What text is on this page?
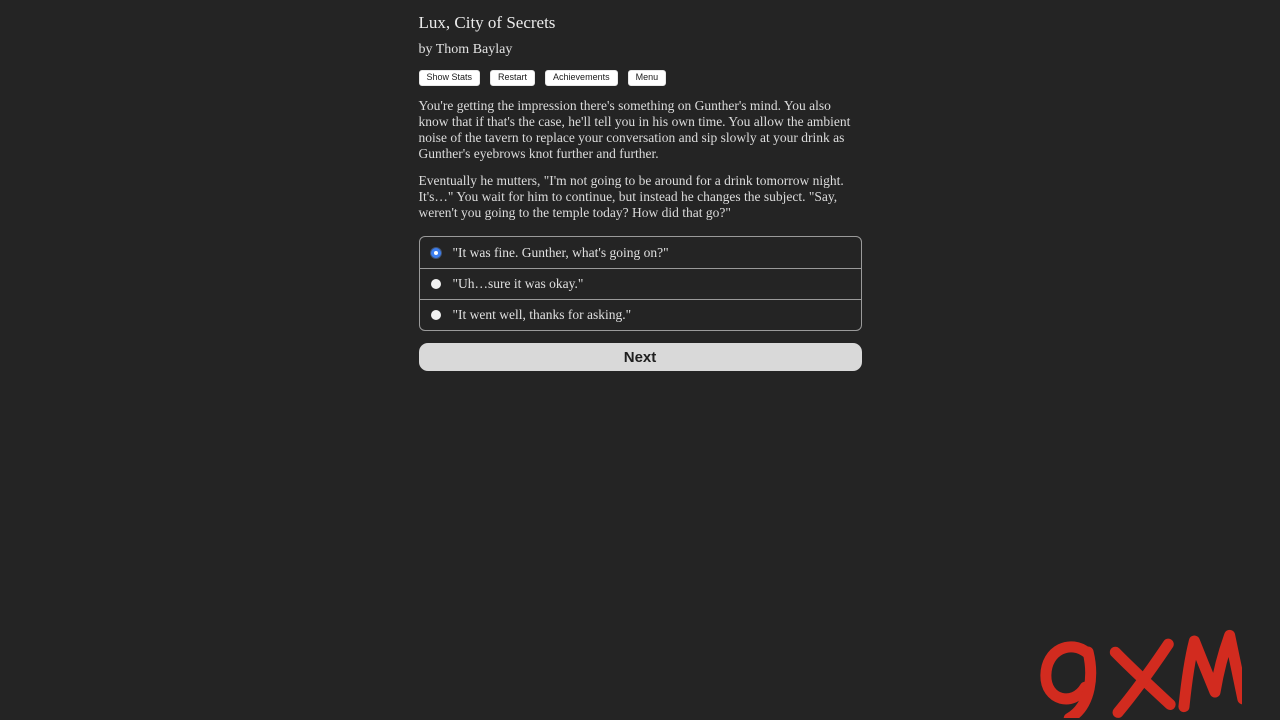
Lux, City of Secrets

by Thom Baylay

Show Stats	Restart	Achievements	Menu

You're getting the impression there's something on Gunther's mind. You also know that if that's the case, he'll tell you in his own time. You allow the ambient noise of the tavern to replace your conversation and sip slowly at your drink as Gunther's eyebrows knot further and further.

Eventually he mutters, "I'm not going to be around for a drink tomorrow night. It's…" You wait for him to continue, but instead he changes the subject. "Say, weren't you going to the temple today? How did that go?"

"It was fine. Gunther, what's going on?"
"Uh…sure it was okay."
"It went well, thanks for asking."
Next
